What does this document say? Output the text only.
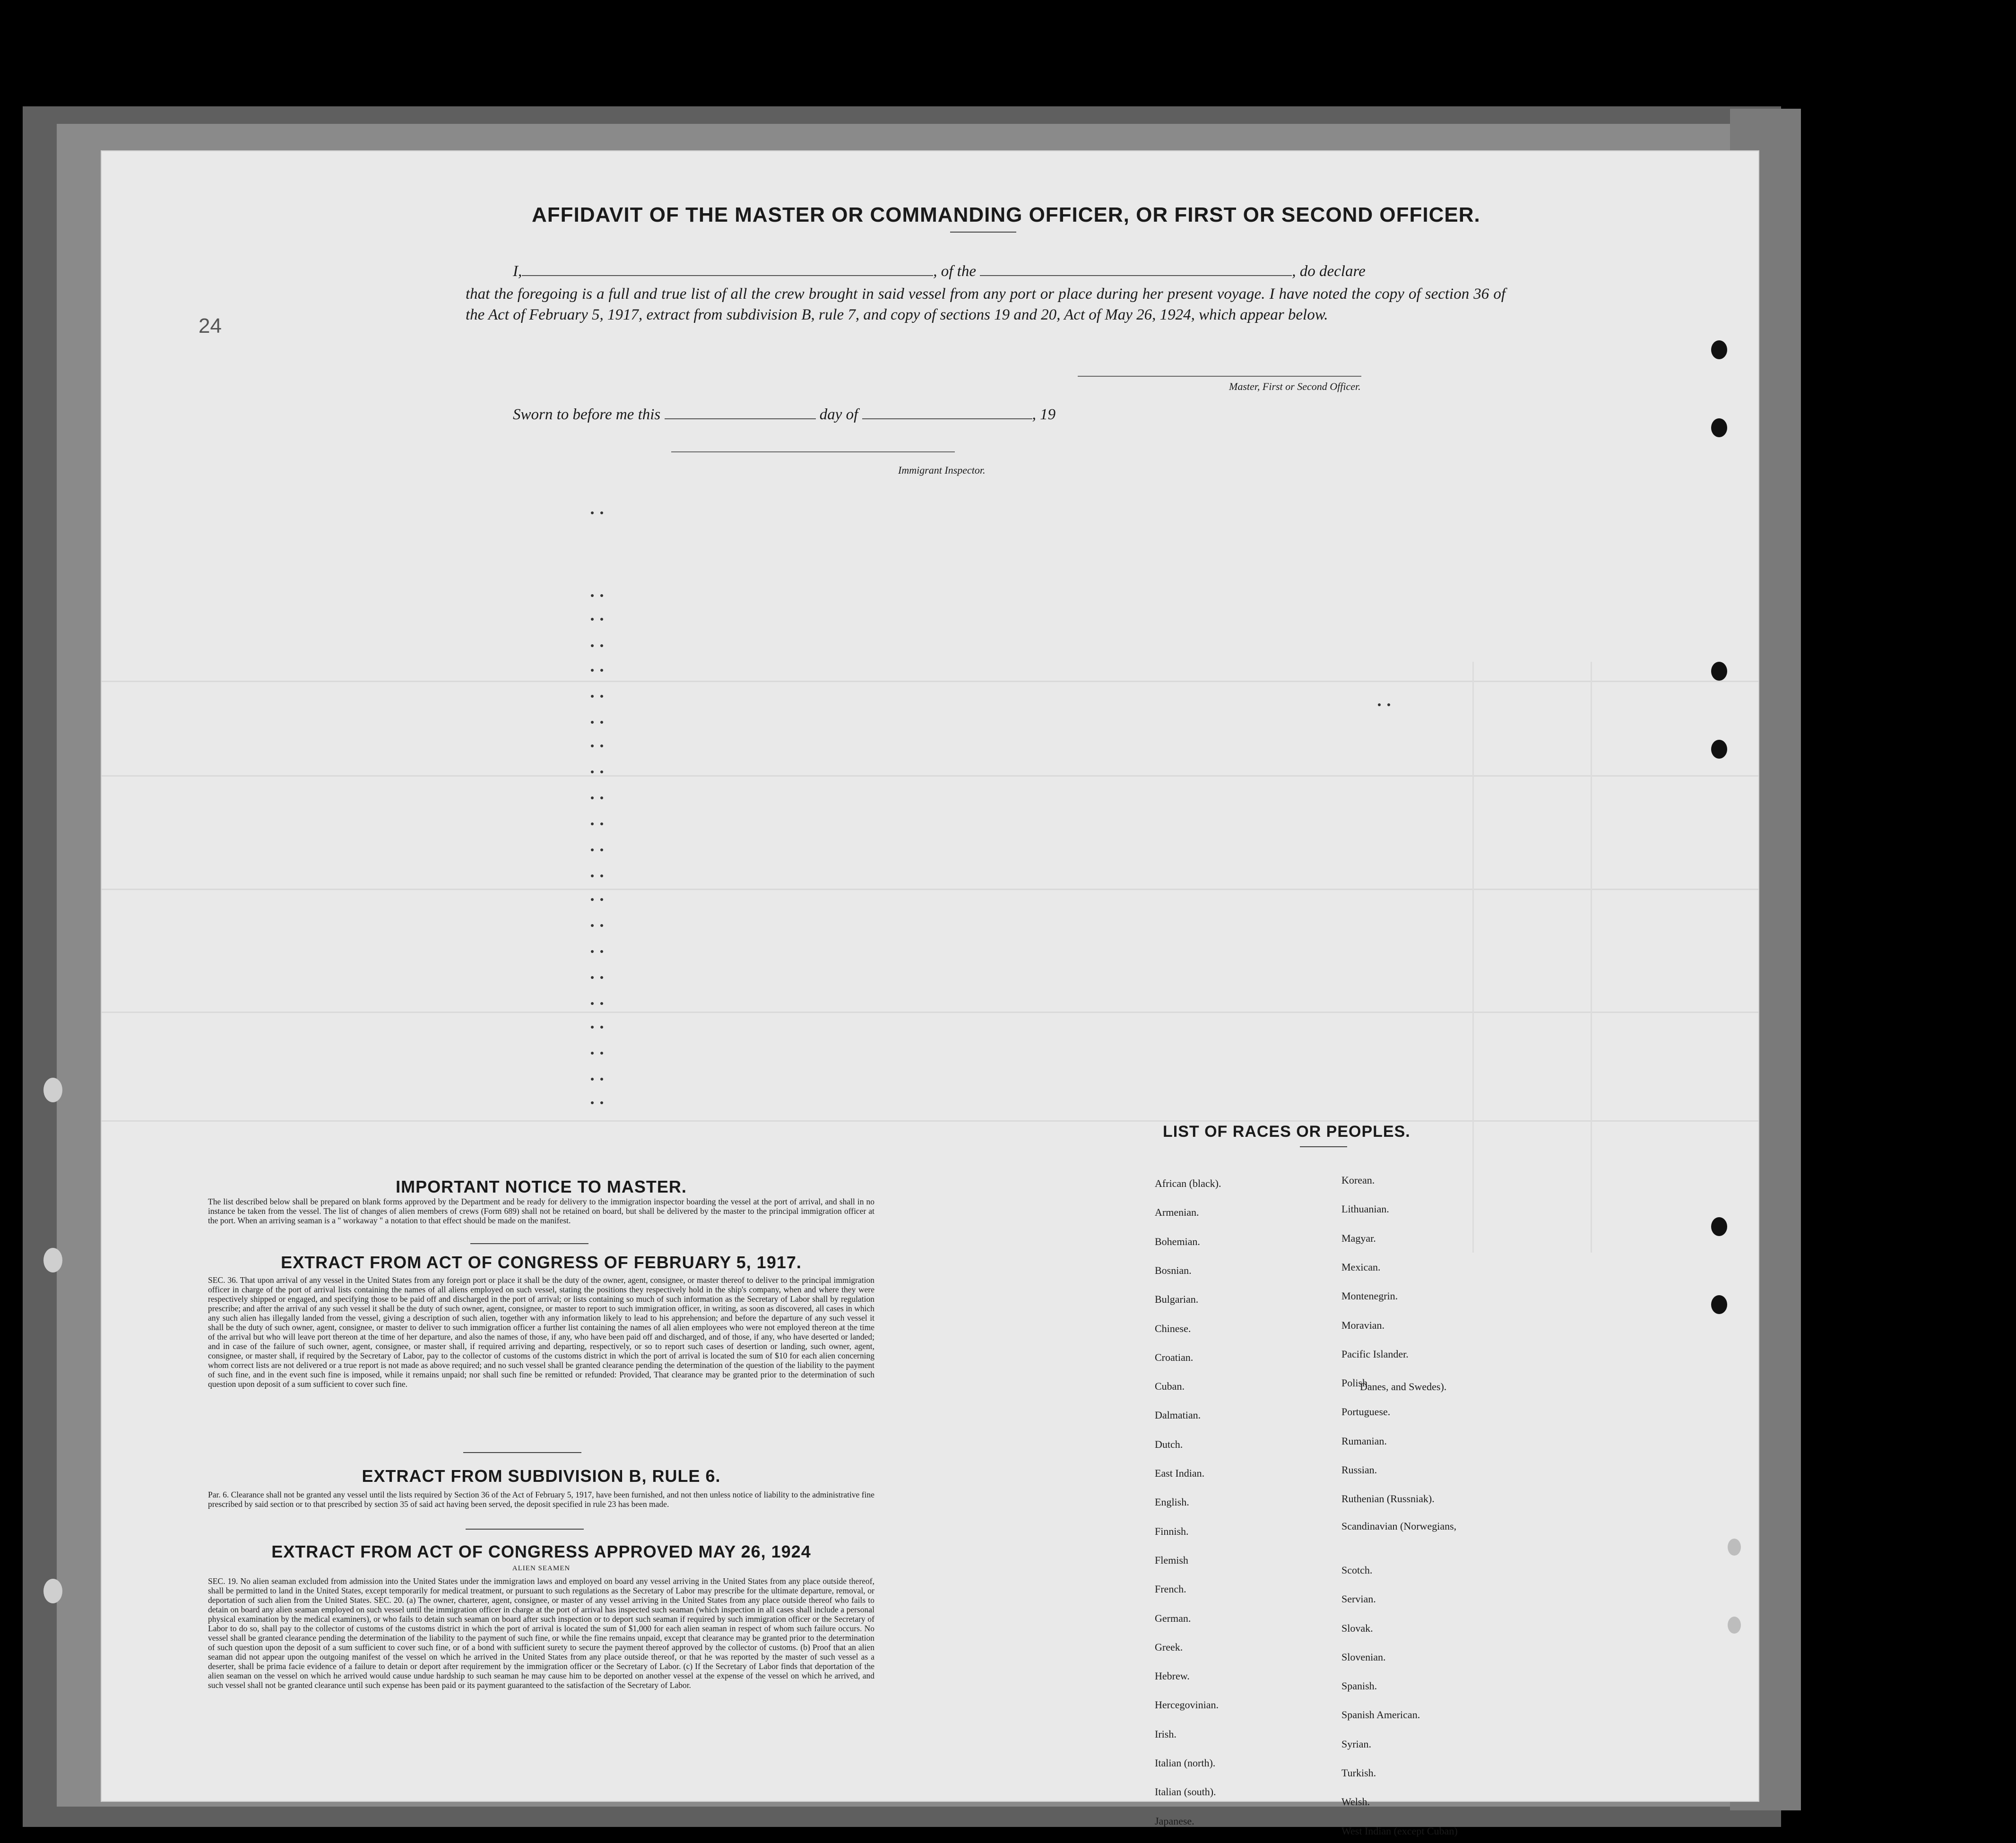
24
AFFIDAVIT OF THE MASTER OR COMMANDING OFFICER, OR FIRST OR SECOND OFFICER.
I,	, of the	, do declare
that the foregoing is a full and true list of all the crew brought in said vessel from any port or place during her present voyage. I have noted the copy of section 36 of the Act of February 5, 1917, extract from subdivision B, rule 7, and copy of sections 19 and 20, Act of May 26, 1924, which appear below.
Master, First or Second Officer.
Sworn to before me this	day of	, 19
Immigrant Inspector.
IMPORTANT NOTICE TO MASTER.
The list described below shall be prepared on blank forms approved by the Department and be ready for delivery to the immigration inspector boarding the vessel at the port of arrival, and shall in no instance be taken from the vessel. The list of changes of alien members of crews (Form 689) shall not be retained on board, but shall be delivered by the master to the principal immigration officer at the port. When an arriving seaman is a " workaway " a notation to that effect should be made on the manifest.
EXTRACT FROM ACT OF CONGRESS OF FEBRUARY 5, 1917.
SEC. 36. That upon arrival of any vessel in the United States from any foreign port or place it shall be the duty of the owner, agent, consignee, or master thereof to deliver to the principal immigration officer in charge of the port of arrival lists containing the names of all aliens employed on such vessel, stating the positions they respectively hold in the ship's company, when and where they were respectively shipped or engaged, and specifying those to be paid off and discharged in the port of arrival; or lists containing so much of such information as the Secretary of Labor shall by regulation prescribe; and after the arrival of any such vessel it shall be the duty of such owner, agent, consignee, or master to report to such immigration officer, in writing, as soon as discovered, all cases in which any such alien has illegally landed from the vessel, giving a description of such alien, together with any information likely to lead to his apprehension; and before the departure of any such vessel it shall be the duty of such owner, agent, consignee, or master to deliver to such immigration officer a further list containing the names of all alien employees who were not employed thereon at the time of the arrival but who will leave port thereon at the time of her departure, and also the names of those, if any, who have been paid off and discharged, and of those, if any, who have deserted or landed; and in case of the failure of such owner, agent, consignee, or master shall, if required arriving and departing, respectively, or so to report such cases of desertion or landing, such owner, agent, consignee, or master shall, if required by the Secretary of Labor, pay to the collector of customs of the customs district in which the port of arrival is located the sum of $10 for each alien concerning whom correct lists are not delivered or a true report is not made as above required; and no such vessel shall be granted clearance pending the determination of the question of the liability to the payment of such fine, and in the event such fine is imposed, while it remains unpaid; nor shall such fine be remitted or refunded: Provided, That clearance may be granted prior to the determination of such question upon deposit of a sum sufficient to cover such fine.
EXTRACT FROM SUBDIVISION B, RULE 6.
Par. 6. Clearance shall not be granted any vessel until the lists required by Section 36 of the Act of February 5, 1917, have been furnished, and not then unless notice of liability to the administrative fine prescribed by said section or to that prescribed by section 35 of said act having been served, the deposit specified in rule 23 has been made.
EXTRACT FROM ACT OF CONGRESS APPROVED MAY 26, 1924
ALIEN SEAMEN
SEC. 19. No alien seaman excluded from admission into the United States under the immigration laws and employed on board any vessel arriving in the United States from any place outside thereof, shall be permitted to land in the United States, except temporarily for medical treatment, or pursuant to such regulations as the Secretary of Labor may prescribe for the ultimate departure, removal, or deportation of such alien from the United States. SEC. 20. (a) The owner, charterer, agent, consignee, or master of any vessel arriving in the United States from any place outside thereof who fails to detain on board any alien seaman employed on such vessel until the immigration officer in charge at the port of arrival has inspected such seaman (which inspection in all cases shall include a personal physical examination by the medical examiners), or who fails to detain such seaman on board after such inspection or to deport such seaman if required by such immigration officer or the Secretary of Labor to do so, shall pay to the collector of customs of the customs district in which the port of arrival is located the sum of $1,000 for each alien seaman in respect of whom such failure occurs. No vessel shall be granted clearance pending the determination of the liability to the payment of such fine, or while the fine remains unpaid, except that clearance may be granted prior to the determination of such question upon the deposit of a sum sufficient to cover such fine, or of a bond with sufficient surety to secure the payment thereof approved by the collector of customs. (b) Proof that an alien seaman did not appear upon the outgoing manifest of the vessel on which he arrived in the United States from any place outside thereof, or that he was reported by the master of such vessel as a deserter, shall be prima facie evidence of a failure to detain or deport after requirement by the immigration officer or the Secretary of Labor. (c) If the Secretary of Labor finds that deportation of the alien seaman on the vessel on which he arrived would cause undue hardship to such seaman he may cause him to be deported on another vessel at the expense of the vessel on which he arrived, and such vessel shall not be granted clearance until such expense has been paid or its payment guaranteed to the satisfaction of the Secretary of Labor.
LIST OF RACES OR PEOPLES.
Danes, and Swedes).
African (black).
Armenian.
Bohemian.
Bosnian.
Bulgarian.
Chinese.
Croatian.
Cuban.
Dalmatian.
Dutch.
East Indian.
English.
Finnish.
Flemish
French.
German.
Greek.
Hebrew.
Hercegovinian.
Irish.
Italian (north).
Italian (south).
Japanese.
Korean.
Lithuanian.
Magyar.
Mexican.
Montenegrin.
Moravian.
Pacific Islander.
Polish.
Portuguese.
Rumanian.
Russian.
Ruthenian (Russniak).
Scandinavian (Norwegians,
Scotch.
Servian.
Slovak.
Slovenian.
Spanish.
Spanish American.
Syrian.
Turkish.
Welsh.
West Indian (except Cuban)
